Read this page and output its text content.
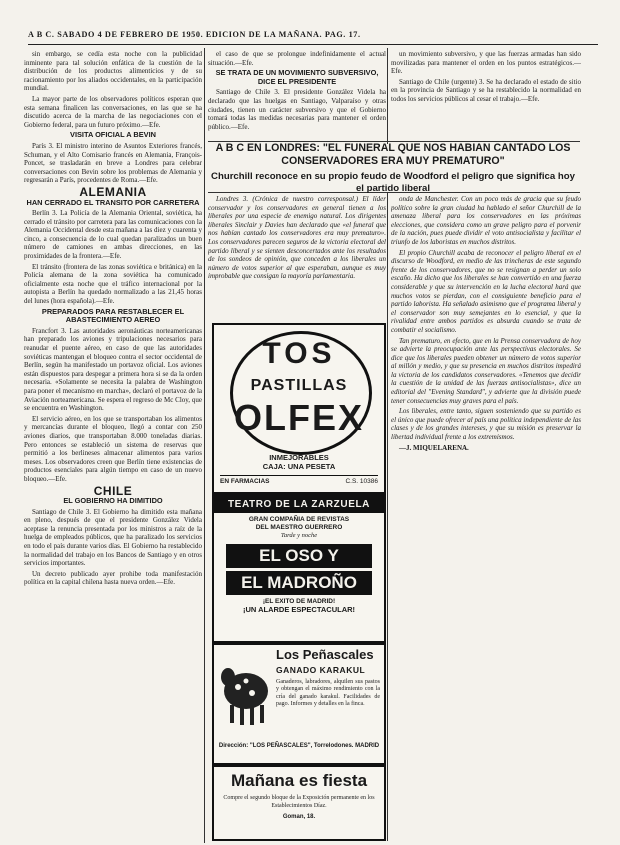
A B C. SABADO 4 DE FEBRERO DE 1950. EDICION DE LA MAÑANA. PAG. 17.

sin embargo, se cedía esta noche con la publicidad inminente para tal solución enfática de la cuestión de la distribución de los productos alimenticios y de su racionamiento por los aliados occidentales, en la participación mundial.

La mayor parte de los observadores políticos esperan que esta semana finalicen las conversaciones, en las que se ha discutido acerca de la marcha de las negociaciones con el Gobierno federal, para un futuro próximo.—Efe.

VISITA OFICIAL A BEVIN

París 3. El ministro interino de Asuntos Exteriores francés, Schuman, y el Alto Comisario francés en Alemania, François-Poncet, se trasladarán en breve a Londres para celebrar conversaciones con Bevin sobre los problemas de Alemania y regresarán a París, procedentes de Roma.—Efe.

ALEMANIA
HAN CERRADO EL TRANSITO POR CARRETERA

Berlín 3. La Policía de la Alemania Oriental, soviética, ha cerrado el tránsito por carretera para las comunicaciones con la Alemania Occidental desde esta mañana a las diez y cuarenta y cinco, a consecuencia de lo cual quedan paralizados un buen número de camiones en ambas direcciones, en las proximidades de la frontera.—Efe.

El tránsito (frontera de las zonas soviética e británica) en la Policía alemana de la zona soviética ha comunicado oficialmente esta noche que el tráfico internacional por la autopista a Berlín ha quedado normalizado a las 21,45 horas del lunes (hora española).—Efe.

PREPARADOS PARA RESTABLECER EL ABASTECIMIENTO AEREO

Francfort 3. Las autoridades aeronáuticas norteamericanas han preparado los aviones y tripulaciones necesarios para reanudar el puente aéreo, en caso de que las autoridades soviéticas mantengan el bloqueo contra el sector occidental de Berlín, según ha manifestado un portavoz oficial. Los aviones están dispuestos para despegar a primera hora si se da la orden necesaria. «Solamente se necesita la palabra de Washington para poner el mecanismo en marcha», declaró el portavoz de la Aviación norteamericana. Se espera el regreso de Mc Cloy, que se encuentra en Washington.

El servicio aéreo, en los que se transportaban los alimentos y mercancías durante el bloqueo, llegó a contar con 250 aviones diarios, que transportaban 8.000 toneladas diarias. Pero entonces se estableció un sistema de reservas que permitió a los berlineses almacenar alimentos para varios meses. Los observadores creen que Berlín tiene existencias de productos esenciales para algún tiempo en caso de un nuevo bloqueo.—Efe.

CHILE
EL GOBIERNO HA DIMITIDO

Santiago de Chile 3. El Gobierno ha dimitido esta mañana en pleno, después de que el presidente González Videla aceptase la renuncia presentada por los ministros a raíz de la huelga de empleados públicos, que ha paralizado los servicios en todo el país durante varios días. El Gobierno ha restablecido la normalidad del trabajo en los Bancos de Santiago y en otros servicios importantes.

Un decreto publicado ayer prohibe toda manifestación política en la capital chilena hasta nueva orden.—Efe.

el caso de que se prolongue indefinidamente el actual situación.—Efe.

SE TRATA DE UN MOVIMIENTO SUBVERSIVO, DICE EL PRESIDENTE

Santiago de Chile 3. El presidente González Videla ha declarado que las huelgas en Santiago, Valparaíso y otras ciudades, tienen un carácter subversivo y que el Gobierno tomará todas las medidas necesarias para mantener el orden público.—Efe.

un movimiento subversivo, y que las fuerzas armadas han sido movilizadas para mantener el orden en los puntos estratégicos.—Efe.

Santiago de Chile (urgente) 3. Se ha declarado el estado de sitio en la provincia de Santiago y se ha restablecido la normalidad en todos los servicios públicos al cesar el trabajo.—Efe.

A B C EN LONDRES: "EL FUNERAL QUE NOS HABIAN CANTADO LOS CONSERVADORES ERA MUY PREMATURO"
Churchill reconoce en su propio feudo de Woodford el peligro que significa hoy el partido liberal

Londres 3. (Crónica de nuestro corresponsal.) El líder conservador y los conservadores en general tienen a los liberales por una especie de enemigo natural. Los dirigentes liberales Sinclair y Davies han declarado que «el funeral que nos habían cantado los conservadores era muy prematuro». Los conservadores parecen seguros de la victoria electoral del partido liberal y se sienten desconcertados ante los resultados de los sondeos de opinión, que conceden a los liberales un número de votos superior al que esperaban, aunque es muy improbable que consigan la mayoría parlamentaria.

onda de Manchester. Con un poco más de gracia que su feudo político sobre la gran ciudad ha hablado el señor Churchill de la amenaza liberal para los conservadores en las próximas elecciones, que considera como un grave peligro para el porvenir de la nación, pues puede dividir el voto antisocialista y facilitar el triunfo de los laboristas en muchos distritos.

El propio Churchill acaba de reconocer el peligro liberal en el discurso de Woodford, en medio de las trincheras de este segundo frente de los conservadores, que no se resignan a perder un solo escaño. Ha dicho que los liberales se han convertido en una fuerza considerable y que su intervención en la lucha electoral hará que muchos votos se pierdan, con el consiguiente beneficio para el partido laborista. Ha señalado asimismo que el programa liberal y el conservador son muy semejantes en lo esencial, y que la rivalidad entre ambos partidos es absurda cuando se trata de combatir el socialismo.

Tan prematuro, en efecto, que en la Prensa conservadora de hoy se advierte la preocupación ante las perspectivas electorales. Se dice que los liberales pueden obtener un número de votos superior al millón y medio, y que su presencia en muchos distritos impedirá la victoria de los candidatos conservadores. «Tenemos que decidir la cuestión de la unidad de las fuerzas antisocialistas», dice un editorial del "Evening Standard", y advierte que la división puede tener consecuencias muy graves para el país.

Los liberales, entre tanto, siguen sosteniendo que su partido es el único que puede ofrecer al país una política independiente de las clases y de los grandes intereses, y que su misión es preservar la libertad individual frente a los extremismos.

—J. MIQUELARENA.

TOS
PASTILLAS
OLFEX
INMEJORABLES
CAJA: UNA PESETA
C.S. 10386
EN FARMACIAS
TEATRO DE LA ZARZUELA
GRAN COMPAÑIA DE REVISTAS
DEL MAESTRO GUERRERO
Tarde y noche
EL OSO Y
EL MADROÑO
¡EL EXITO DE MADRID!
¡UN ALARDE ESPECTACULAR!
Los Peñascales
GANADO KARAKUL
Ganaderos, labradores, alquilen sus pastos y obtengan el máximo rendimiento con la cría del ganado karakul. Facilidades de pago. Informes y detalles en la finca.
Dirección: "LOS PEÑASCALES", Torrelodones. MADRID
Mañana es fiesta
Compre el segundo bloque de la Exposición permanente en los Establecimientos Díaz.
Goman, 18.
